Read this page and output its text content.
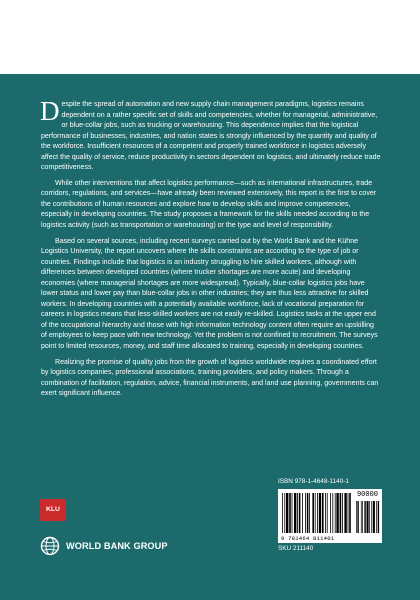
Despite the spread of automation and new supply chain management paradigms, logistics remains dependent on a rather specific set of skills and competencies, whether for managerial, administrative, or blue-collar jobs, such as trucking or warehousing. This dependence implies that the logistical performance of businesses, industries, and nation states is strongly influenced by the quantity and quality of the workforce. Insufficient resources of a competent and properly trained workforce in logistics adversely affect the quality of service, reduce productivity in sectors dependent on logistics, and ultimately reduce trade competitiveness.

While other interventions that affect logistics performance—such as international infrastructures, trade corridors, regulations, and services—have already been reviewed extensively, this report is the first to cover the contributions of human resources and explore how to develop skills and improve competencies, especially in developing countries. The study proposes a framework for the skills needed according to the logistics activity (such as transportation or warehousing) or the type and level of responsibility.

Based on several sources, including recent surveys carried out by the World Bank and the Kühne Logistics University, the report uncovers where the skills constraints are according to the type of job or countries. Findings include that logistics is an industry struggling to hire skilled workers, although with differences between developed countries (where trucker shortages are more acute) and developing economies (where managerial shortages are more widespread). Typically, blue-collar logistics jobs have lower status and lower pay than blue-collar jobs in other industries; they are thus less attractive for skilled workers. In developing countries with a potentially available workforce, lack of vocational preparation for careers in logistics means that less-skilled workers are not easily re-skilled. Logistics tasks at the upper end of the occupational hierarchy and those with high information technology content often require an upskilling of employees to keep pace with new technology. Yet the problem is not confined to recruitment. The surveys point to limited resources, money, and staff time allocated to training, especially in developing countries.

Realizing the promise of quality jobs from the growth of logistics worldwide requires a coordinated effort by logistics companies, professional associations, training providers, and policy makers. Through a combination of facilitation, regulation, advice, financial instruments, and land use planning, governments can exert significant influence.

ISBN 978-1-4648-1140-1
90000
9 781464 811401
SKU 211140
KLU
WORLD BANK GROUP
